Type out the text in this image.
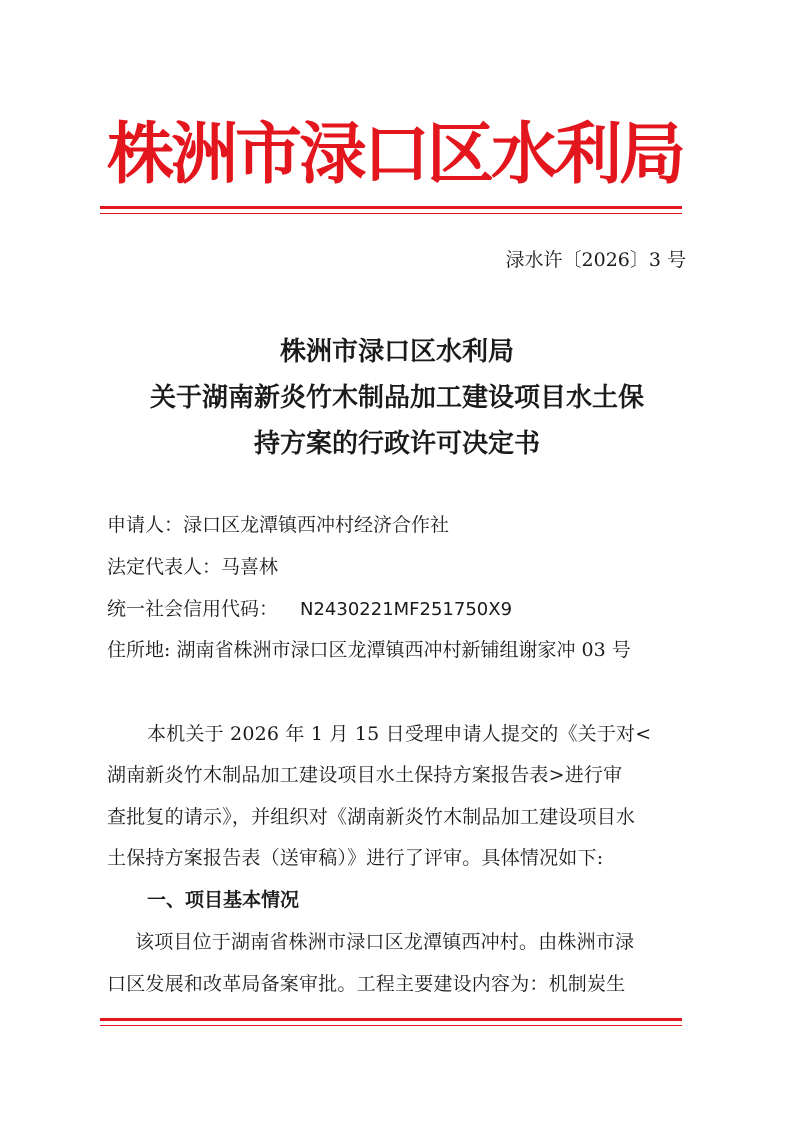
株洲市渌口区水利局
渌水许〔2026〕3 号
株洲市渌口区水利局
关于湖南新炎竹木制品加工建设项目水土保
持方案的行政许可决定书
申请人：渌口区龙潭镇西冲村经济合作社
法定代表人：马喜林
统一社会信用代码： N2430221MF251750X9
住所地: 湖南省株洲市渌口区龙潭镇西冲村新铺组谢家冲 03 号
本机关于 2026 年 1 月 15 日受理申请人提交的《关于对<
湖南新炎竹木制品加工建设项目水土保持方案报告表>进行审
查批复的请示》，并组织对《湖南新炎竹木制品加工建设项目水
土保持方案报告表（送审稿）》进行了评审。具体情况如下:
一、项目基本情况
该项目位于湖南省株洲市渌口区龙潭镇西冲村。由株洲市渌
口区发展和改革局备案审批。工程主要建设内容为：机制炭生
